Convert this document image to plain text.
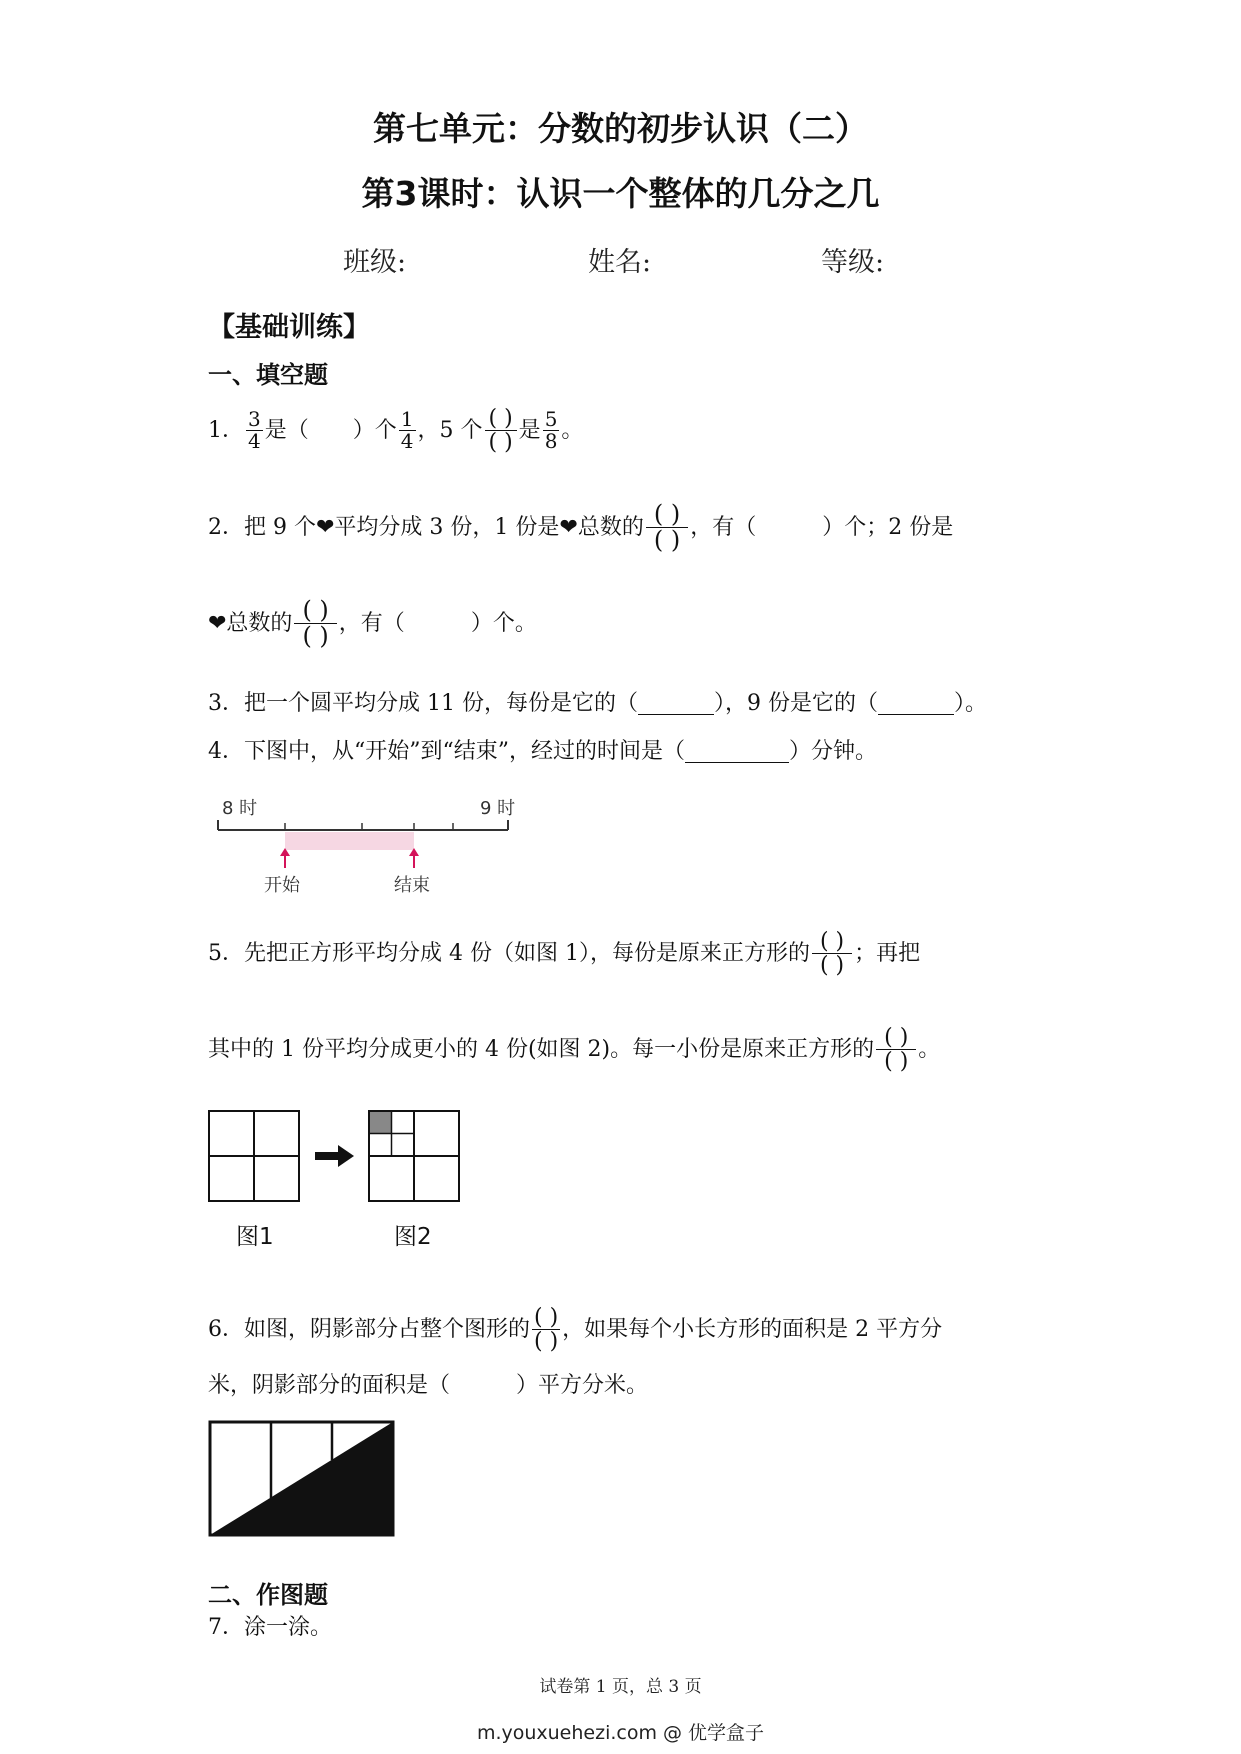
第七单元：分数的初步认识（二）
第3课时：认识一个整体的几分之几
班级:	姓名:	等级:
【基础训练】
一、填空题
1． $\frac{3}{4}$ 是（ ）个 $\frac{1}{4}$ ，5 个 $\frac{( )}{( )}$ 是 $\frac{5}{8}$ 。
2．把 9 个❤平均分成 3 份，1 份是❤总数的 $\frac{( )}{( )}$ ，有（	）个；2 份是
❤总数的 $\frac{( )}{( )}$ ，有（	）个。
3．把一个圆平均分成 11 份，每份是它的（	），9 份是它的（	）。
4．下图中，从“开始”到“结束”，经过的时间是（	）分钟。
8 时	9 时
开始	结束
5．先把正方形平均分成 4 份（如图 1），每份是原来正方形的 $\frac{( )}{( )}$ ；再把
其中的 1 份平均分成更小的 4 份(如图 2)。每一小份是原来正方形的 $\frac{( )}{( )}$ 。
图1	图2
6．如图，阴影部分占整个图形的 $\frac{( )}{( )}$ ，如果每个小长方形的面积是 2 平方分
米，阴影部分的面积是（	）平方分米。
二、作图题
7．涂一涂。
试卷第 1 页，总 3 页
m.youxuehezi.com @ 优学盒子
